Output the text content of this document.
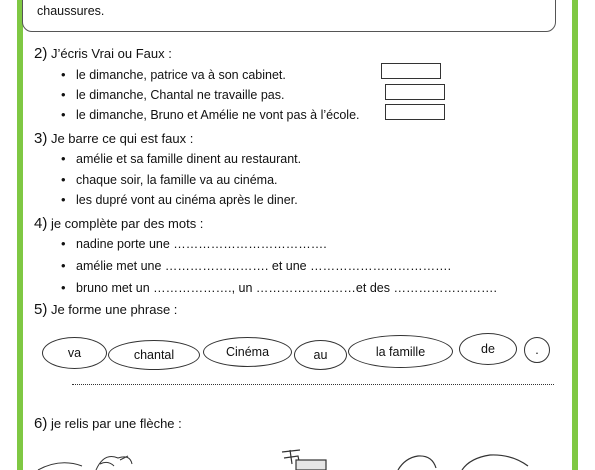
chaussures.
2) J’écris Vrai ou Faux :
• le dimanche, patrice va à son cabinet.
• le dimanche, Chantal ne travaille pas.
• le dimanche, Bruno et Amélie ne vont pas à l’école.
3) Je barre ce qui est faux :
• amélie et sa famille dinent au restaurant.
• chaque soir, la famille va au cinéma.
• les dupré vont au cinéma après le diner.
4) je complète par des mots :
• nadine porte une ……………………………….
• amélie met une ……………………. et une …………………………….
• bruno met un ………………., un ……………………et des …………………….
5) Je forme une phrase :
va	chantal	Cinéma	au	la famille	de	.
6) je relis par une flèche :
